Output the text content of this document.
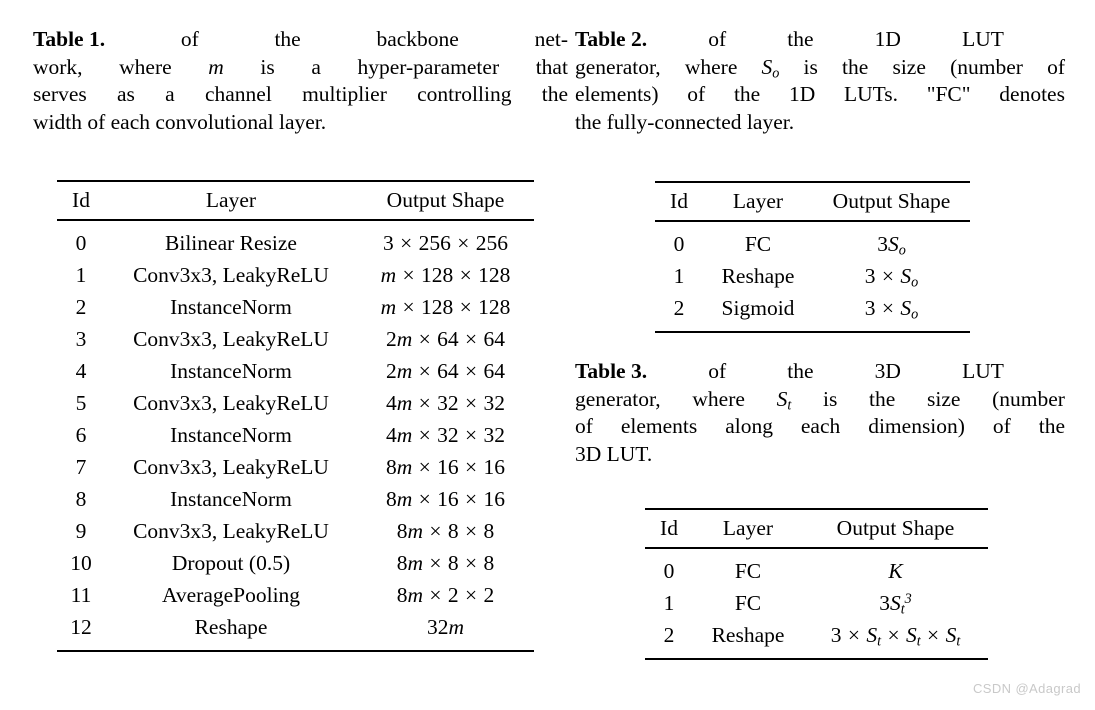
Table 1.	of	the	backbone	net-
work, where m is a hyper-parameter that
serves as a channel multiplier controlling the
width of each convolutional layer.
Id	Layer	Output Shape
0	Bilinear Resize	3 × 256 × 256
1	Conv3x3, LeakyReLU	m × 128 × 128
2	InstanceNorm	m × 128 × 128
3	Conv3x3, LeakyReLU	2m × 64 × 64
4	InstanceNorm	2m × 64 × 64
5	Conv3x3, LeakyReLU	4m × 32 × 32
6	InstanceNorm	4m × 32 × 32
7	Conv3x3, LeakyReLU	8m × 16 × 16
8	InstanceNorm	8m × 16 × 16
9	Conv3x3, LeakyReLU	8m × 8 × 8
10	Dropout (0.5)	8m × 8 × 8
11	AveragePooling	8m × 2 × 2
12	Reshape	32m
Table 2.	of	the	1D	LUT
generator, where $S_o$ is the size (number of
elements) of the 1D LUTs. "FC" denotes
the fully-connected layer.
Id	Layer	Output Shape
0	FC	$3S_o$
1	Reshape	$3 \times S_o$
2	Sigmoid	$3 \times S_o$
Table 3.	of	the	3D	LUT
generator, where $S_t$ is the size (number
of elements along each dimension) of the
3D LUT.
Id	Layer	Output Shape
0	FC	K
1	FC	$3S_t^3$
2	Reshape	$3 \times S_t \times S_t \times S_t$
CSDN @Adagrad
